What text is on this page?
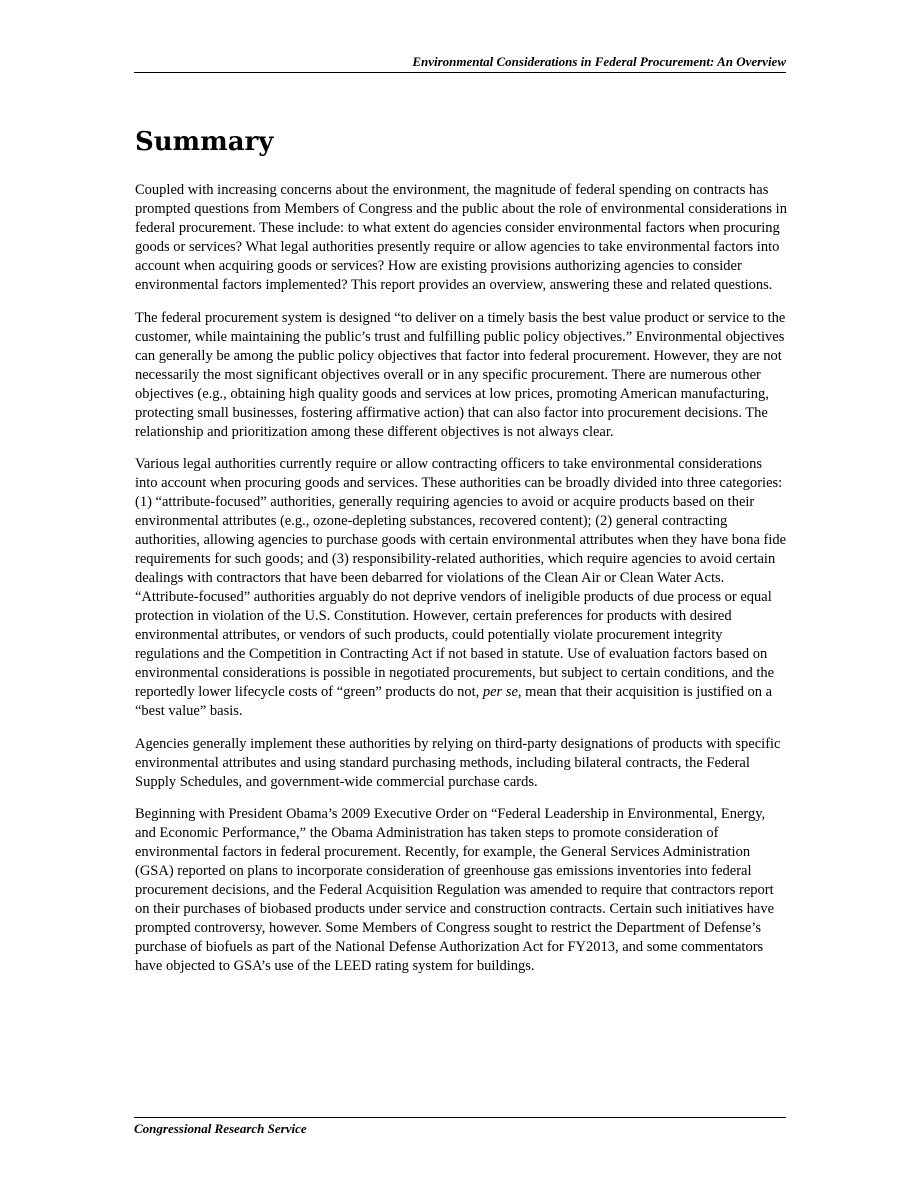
Environmental Considerations in Federal Procurement: An Overview
Summary

Coupled with increasing concerns about the environment, the magnitude of federal spending on contracts has prompted questions from Members of Congress and the public about the role of environmental considerations in federal procurement. These include: to what extent do agencies consider environmental factors when procuring goods or services? What legal authorities presently require or allow agencies to take environmental factors into account when acquiring goods or services? How are existing provisions authorizing agencies to consider environmental factors implemented? This report provides an overview, answering these and related questions.

The federal procurement system is designed “to deliver on a timely basis the best value product or service to the customer, while maintaining the public’s trust and fulfilling public policy objectives.” Environmental objectives can generally be among the public policy objectives that factor into federal procurement. However, they are not necessarily the most significant objectives overall or in any specific procurement. There are numerous other objectives (e.g., obtaining high quality goods and services at low prices, promoting American manufacturing, protecting small businesses, fostering affirmative action) that can also factor into procurement decisions. The relationship and prioritization among these different objectives is not always clear.

Various legal authorities currently require or allow contracting officers to take environmental considerations into account when procuring goods and services. These authorities can be broadly divided into three categories: (1) “attribute-focused” authorities, generally requiring agencies to avoid or acquire products based on their environmental attributes (e.g., ozone-depleting substances, recovered content); (2) general contracting authorities, allowing agencies to purchase goods with certain environmental attributes when they have bona fide requirements for such goods; and (3) responsibility-related authorities, which require agencies to avoid certain dealings with contractors that have been debarred for violations of the Clean Air or Clean Water Acts. “Attribute-focused” authorities arguably do not deprive vendors of ineligible products of due process or equal protection in violation of the U.S. Constitution. However, certain preferences for products with desired environmental attributes, or vendors of such products, could potentially violate procurement integrity regulations and the Competition in Contracting Act if not based in statute. Use of evaluation factors based on environmental considerations is possible in negotiated procurements, but subject to certain conditions, and the reportedly lower lifecycle costs of “green” products do not, per se, mean that their acquisition is justified on a “best value” basis.

Agencies generally implement these authorities by relying on third-party designations of products with specific environmental attributes and using standard purchasing methods, including bilateral contracts, the Federal Supply Schedules, and government-wide commercial purchase cards.

Beginning with President Obama’s 2009 Executive Order on “Federal Leadership in Environmental, Energy, and Economic Performance,” the Obama Administration has taken steps to promote consideration of environmental factors in federal procurement. Recently, for example, the General Services Administration (GSA) reported on plans to incorporate consideration of greenhouse gas emissions inventories into federal procurement decisions, and the Federal Acquisition Regulation was amended to require that contractors report on their purchases of biobased products under service and construction contracts. Certain such initiatives have prompted controversy, however. Some Members of Congress sought to restrict the Department of Defense’s purchase of biofuels as part of the National Defense Authorization Act for FY2013, and some commentators have objected to GSA’s use of the LEED rating system for buildings.

Congressional Research Service
